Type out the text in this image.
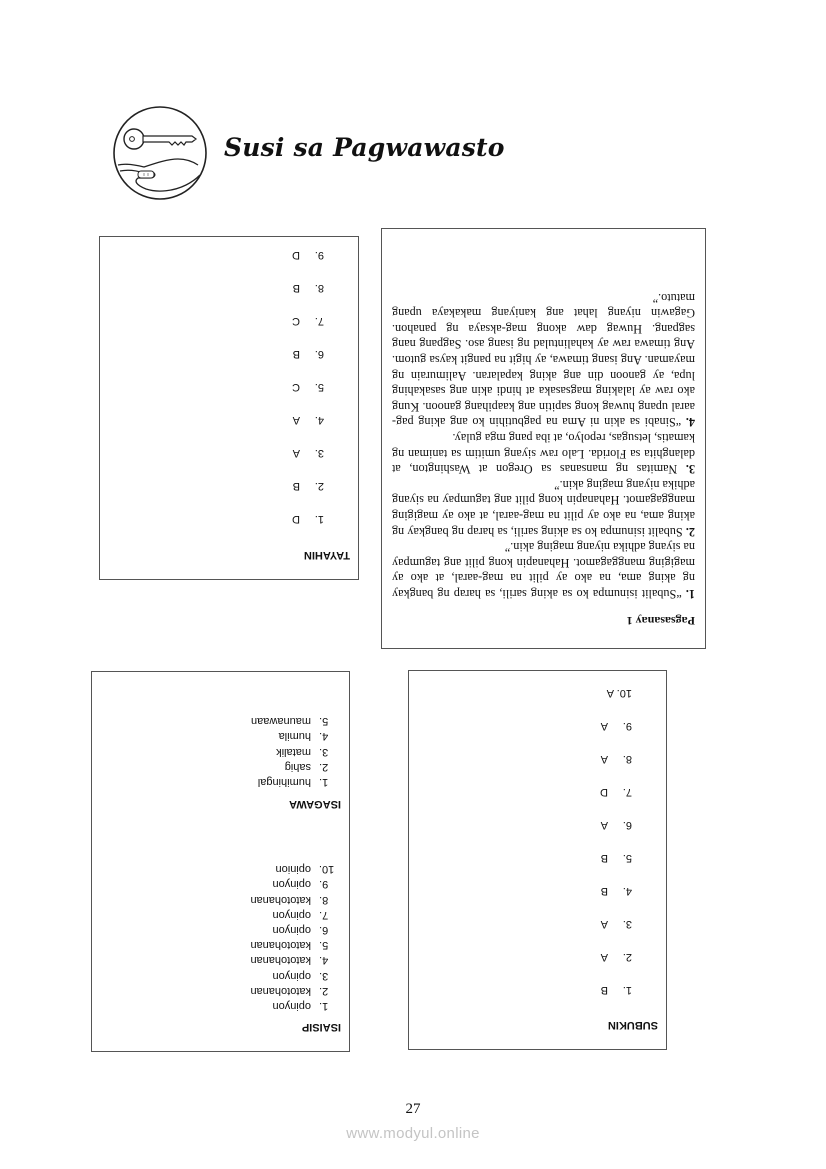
Susi sa Pagwawasto
Pagsasanay 1

1. “Subalit isinumpa ko sa aking sarili, sa harap ng bangkay ng aking ama, na ako ay pilit na mag-aaral, at ako ay magiging manggagamot. Hahanapin kong pilit ang tagumpay na siyang adhika niyang maging akin.”

2. Subalit isinumpa ko sa aking sarili, sa harap ng bangkay ng aking ama, na ako ay pilit na mag-aaral, at ako ay magiging manggagamot. Hahanapin kong pilit ang tagumpay na siyang adhika niyang maging akin.”

3. Namitas ng mansanas sa Oregon at Washington, at dalanghita sa Florida. Lalo raw siyang umitim sa taniman ng kamatis, letsugas, repolyo, at iba pang mga gulay.

4. “Sinabi sa akin ni Ama na pagbutihin ko ang aking pag-aaral upang huwag kong sapitin ang kaapihang ganoon. Kung ako raw ay lalaking magsasaka at hindi akin ang sasakahing lupa, ay ganoon din ang aking kapalaran. Aalimurain ng mayaman. Ang isang timawa, ay higit na pangit kaysa gutom. Ang timawa raw ay kahalintulad ng isang aso. Sagpang nang sagpang. Huwag daw akong mag-aksaya ng panahon. Gagawin niyang lahat ang kaniyang makakaya upang matuto.”

TAYAHIN
1.D
2.B
3.A
4.A
5.C
6.B
7.C
8.B
9.D
ISAISIP
1.opinyon
2.katotohanan
3.opinyon
4.katotohanan
5.katotohanan
6.opinyon
7.opinyon
8.katotohanan
9.opinyon
10.opinion
ISAGAWA
1.humihingal
2.sahig
3.matalik
4.humila
5.maunawaan
SUBUKIN
1.B
2.A
3.A
4.B
5.B
6.A
7.D
8.A
9.A
10.A
27
www.modyul.online
